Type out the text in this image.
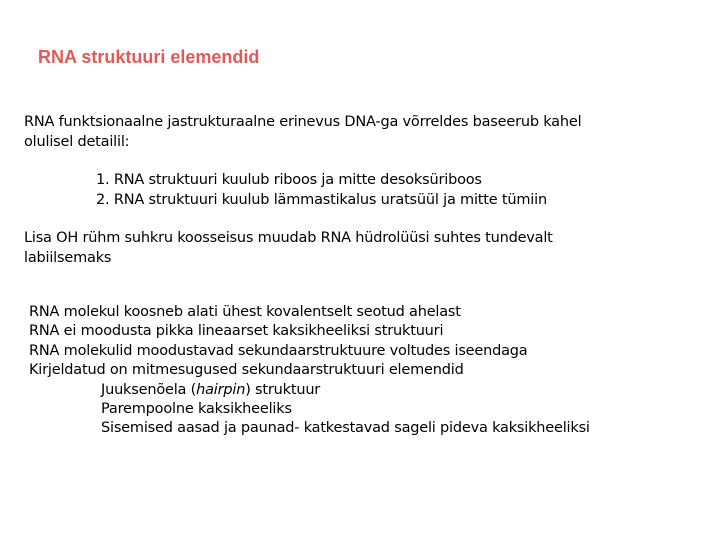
RNA struktuuri elemendid
RNA funktsionaalne jastrukturaalne erinevus DNA-ga võrreldes baseerub kahel
olulisel detailil:
1. RNA struktuuri kuulub riboos ja mitte desoksüriboos
2. RNA struktuuri kuulub lämmastikalus uratsüül ja mitte tümiin
Lisa OH rühm suhkru koosseisus muudab RNA hüdrolüüsi suhtes tundevalt
labiilsemaks
RNA molekul koosneb alati ühest kovalentselt seotud ahelast
RNA ei moodusta pikka lineaarset kaksikheeliksi struktuuri
RNA molekulid moodustavad sekundaarstruktuure voltudes iseendaga
Kirjeldatud on mitmesugused sekundaarstruktuuri elemendid
Juuksenõela (hairpin) struktuur
Parempoolne kaksikheeliks
Sisemised aasad ja paunad- katkestavad sageli pideva kaksikheeliksi
